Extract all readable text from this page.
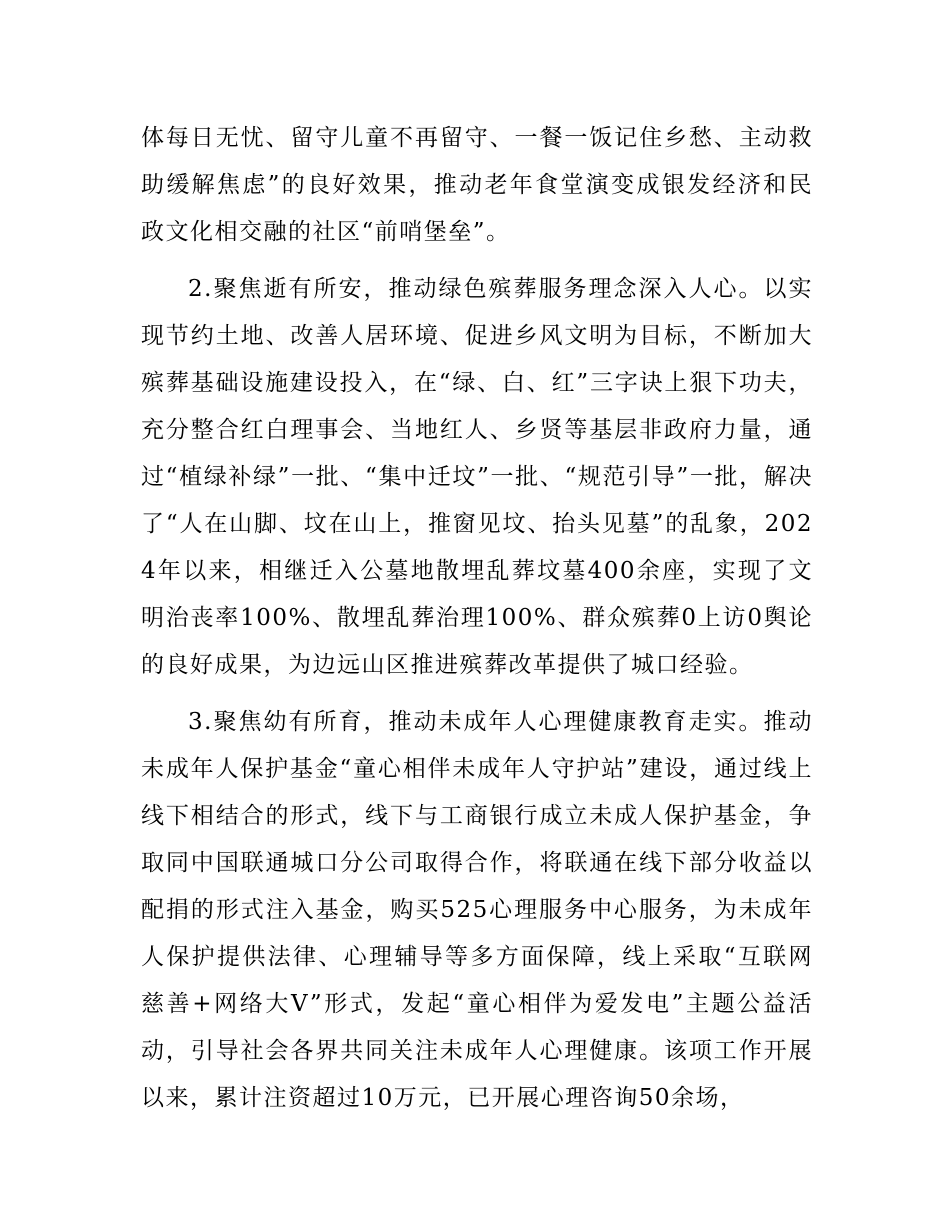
体每日无忧、留守儿童不再留守、一餐一饭记住乡愁、主动救助缓解焦虑”的良好效果，推动老年食堂演变成银发经济和民政文化相交融的社区“前哨堡垒”。

2.聚焦逝有所安，推动绿色殡葬服务理念深入人心。以实现节约土地、改善人居环境、促进乡风文明为目标，不断加大殡葬基础设施建设投入，在“绿、白、红”三字诀上狠下功夫，充分整合红白理事会、当地红人、乡贤等基层非政府力量，通过“植绿补绿”一批、“集中迁坟”一批、“规范引导”一批，解决了“人在山脚、坟在山上，推窗见坟、抬头见墓”的乱象，2024年以来，相继迁入公墓地散埋乱葬坟墓400余座，实现了文明治丧率100%、散埋乱葬治理100%、群众殡葬0上访0舆论的良好成果，为边远山区推进殡葬改革提供了城口经验。

3.聚焦幼有所育，推动未成年人心理健康教育走实。推动未成年人保护基金“童心相伴未成年人守护站”建设，通过线上线下相结合的形式，线下与工商银行成立未成人保护基金，争取同中国联通城口分公司取得合作，将联通在线下部分收益以配捐的形式注入基金，购买525心理服务中心服务，为未成年人保护提供法律、心理辅导等多方面保障，线上采取“互联网慈善+网络大V”形式，发起“童心相伴为爱发电”主题公益活动，引导社会各界共同关注未成年人心理健康。该项工作开展以来，累计注资超过10万元，已开展心理咨询50余场，
